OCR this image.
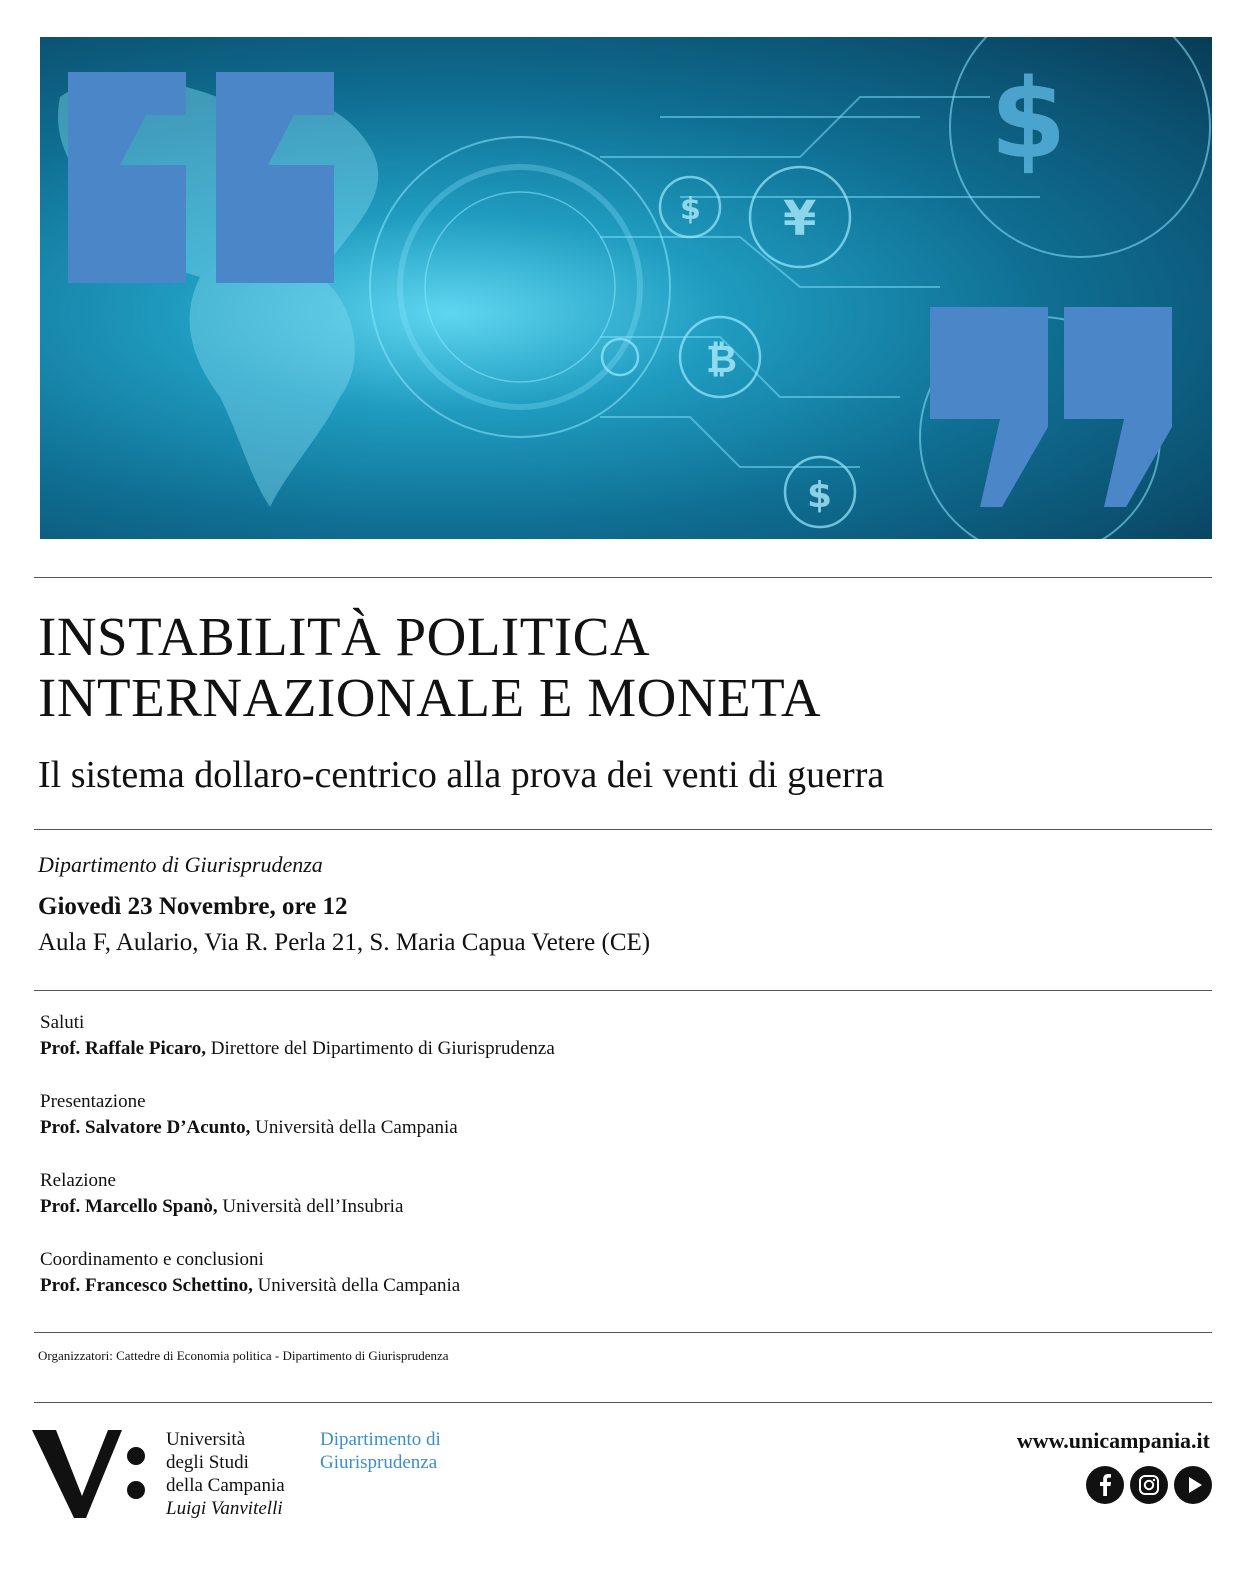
$ ¥
₿
$
$
INSTABILITÀ POLITICA
INTERNAZIONALE E MONETA
Il sistema dollaro-centrico alla prova dei venti di guerra
Dipartimento di Giurisprudenza
Giovedì 23 Novembre, ore 12
Aula F, Aulario, Via R. Perla 21, S. Maria Capua Vetere (CE)
Saluti
Prof. Raffale Picaro, Direttore del Dipartimento di Giurisprudenza
Presentazione
Prof. Salvatore D’Acunto, Università della Campania
Relazione
Prof. Marcello Spanò, Università dell’Insubria
Coordinamento e conclusioni
Prof. Francesco Schettino, Università della Campania
Organizzatori: Cattedre di Economia politica - Dipartimento di Giurisprudenza
Università
degli Studi
della Campania
Luigi Vanvitelli
Dipartimento di
Giurisprudenza
www.unicampania.it
